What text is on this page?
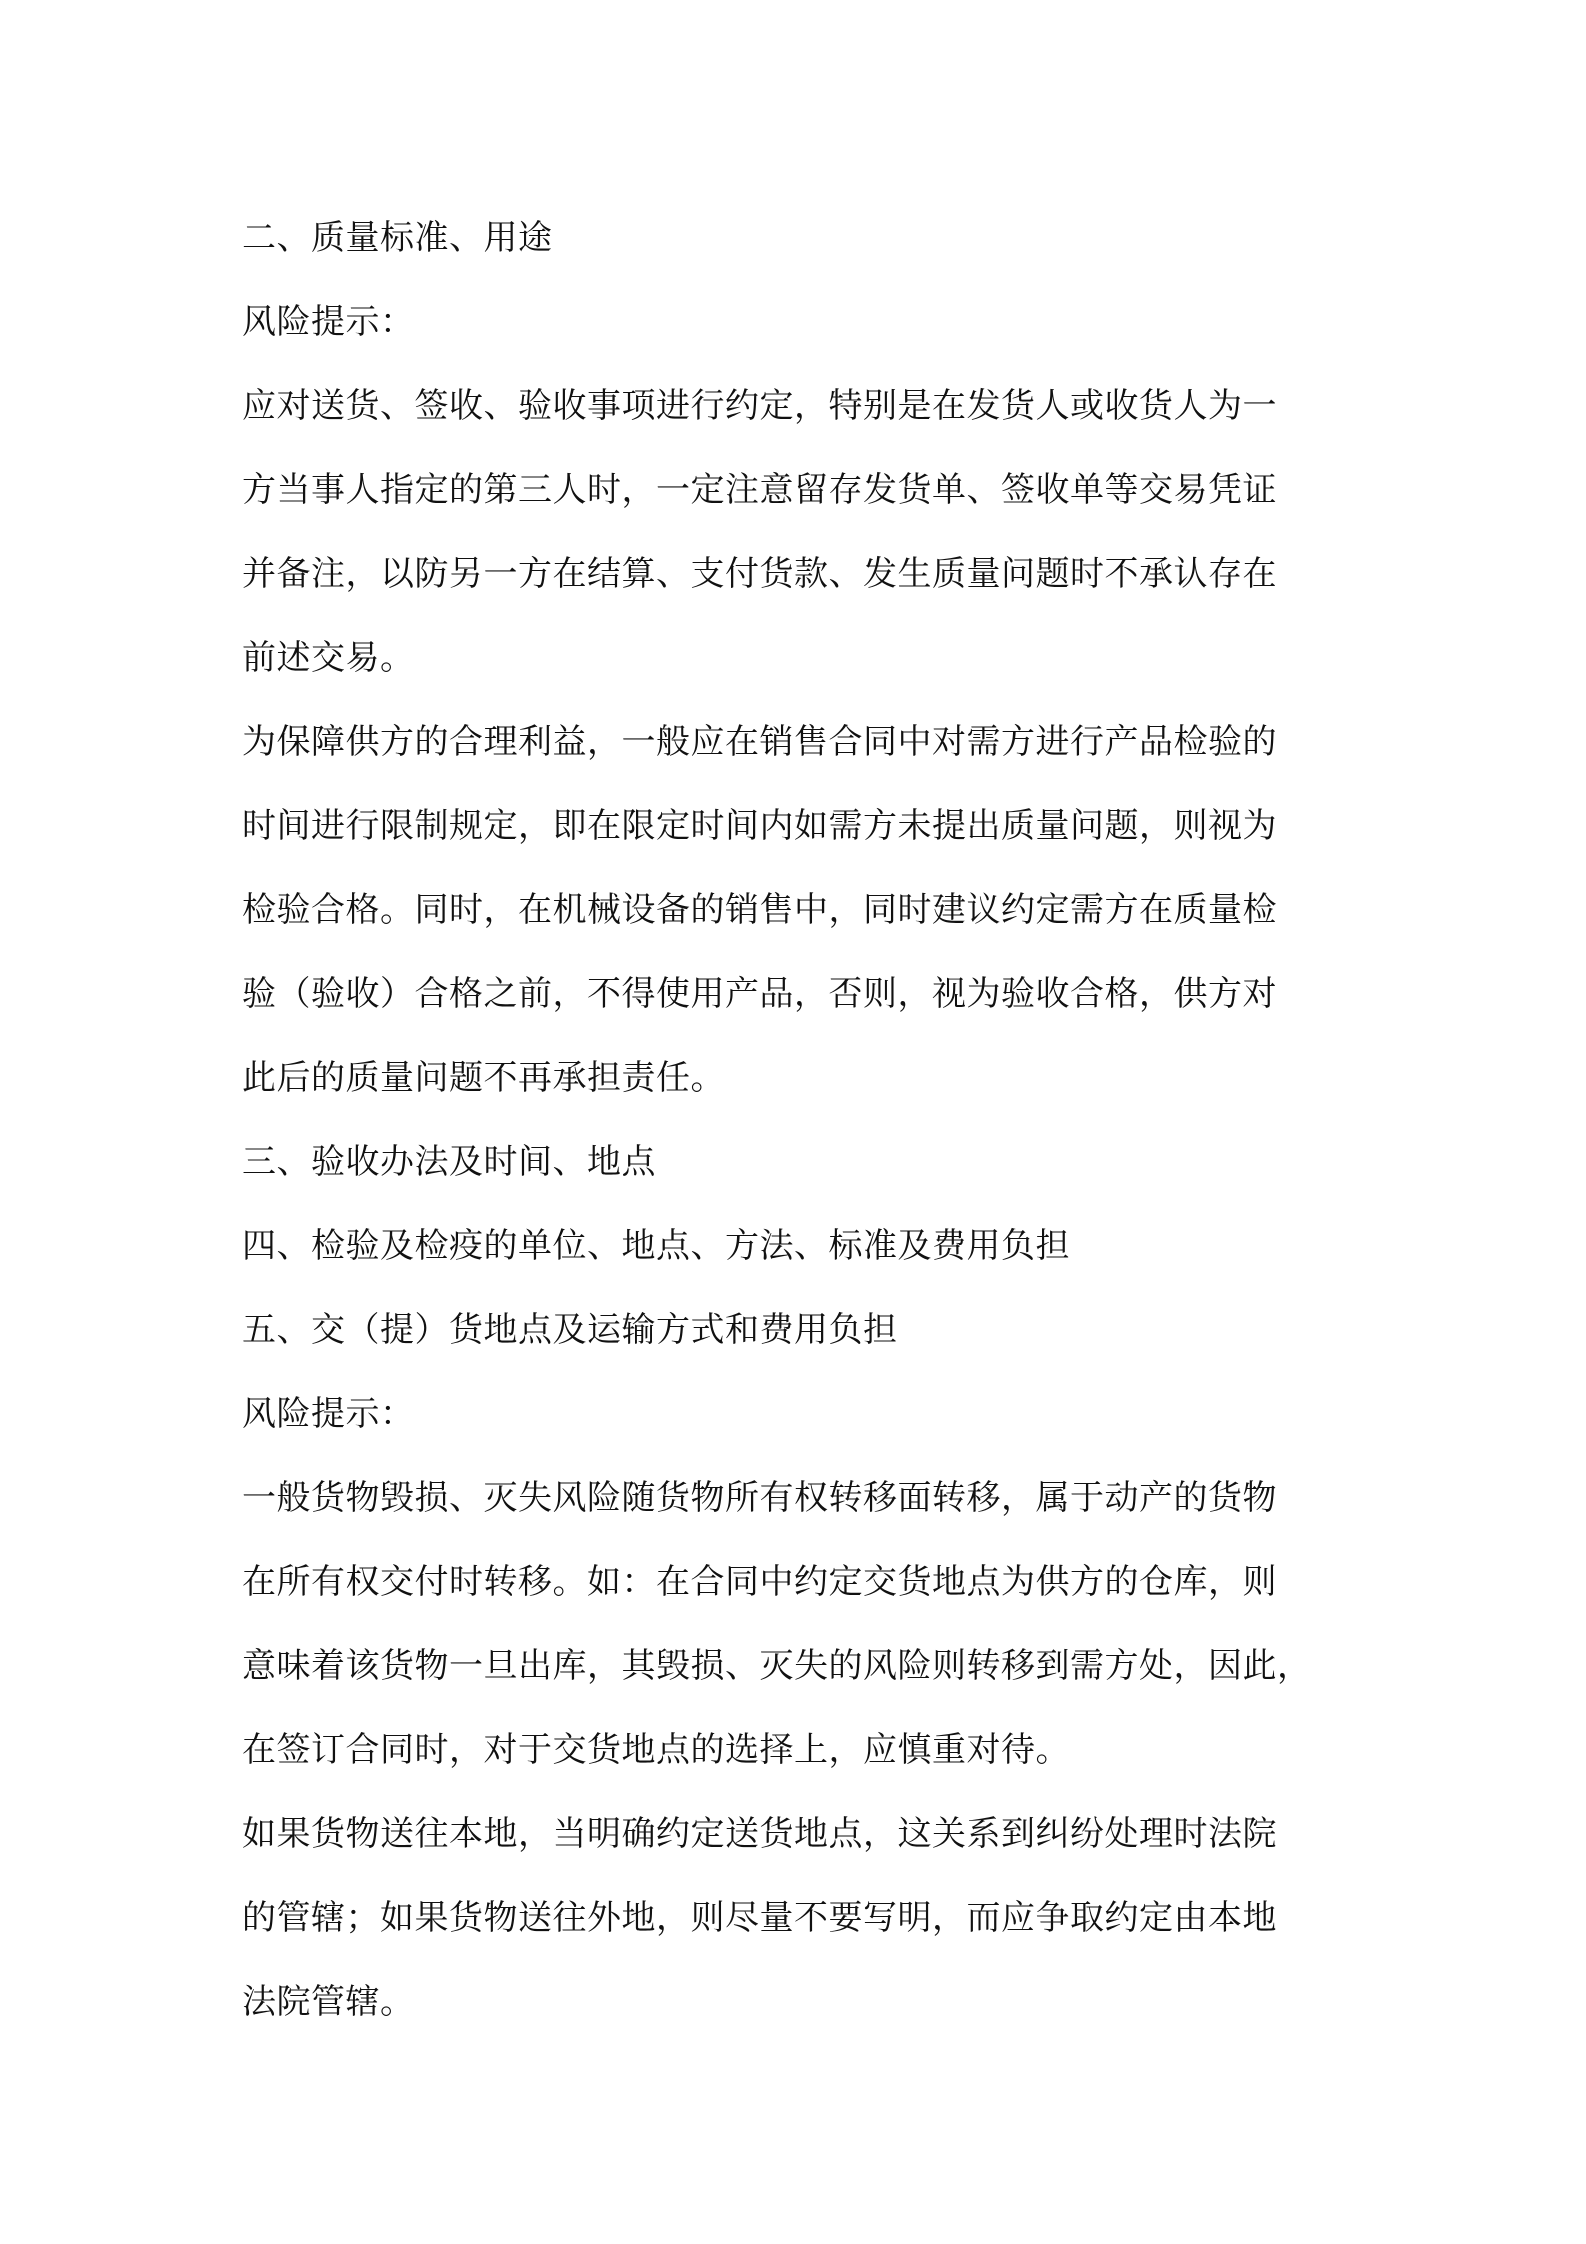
二、质量标准、用途
风险提示：
应对送货、签收、验收事项进行约定，特别是在发货人或收货人为一
方当事人指定的第三人时，一定注意留存发货单、签收单等交易凭证
并备注，以防另一方在结算、支付货款、发生质量问题时不承认存在
前述交易。
为保障供方的合理利益，一般应在销售合同中对需方进行产品检验的
时间进行限制规定，即在限定时间内如需方未提出质量问题，则视为
检验合格。同时，在机械设备的销售中，同时建议约定需方在质量检
验（验收）合格之前，不得使用产品，否则，视为验收合格，供方对
此后的质量问题不再承担责任。
三、验收办法及时间、地点
四、检验及检疫的单位、地点、方法、标准及费用负担
五、交（提）货地点及运输方式和费用负担
风险提示：
一般货物毁损、灭失风险随货物所有权转移面转移，属于动产的货物
在所有权交付时转移。如：在合同中约定交货地点为供方的仓库，则
意味着该货物一旦出库，其毁损、灭失的风险则转移到需方处，因此，
在签订合同时，对于交货地点的选择上，应慎重对待。
如果货物送往本地，当明确约定送货地点，这关系到纠纷处理时法院
的管辖；如果货物送往外地，则尽量不要写明，而应争取约定由本地
法院管辖。
